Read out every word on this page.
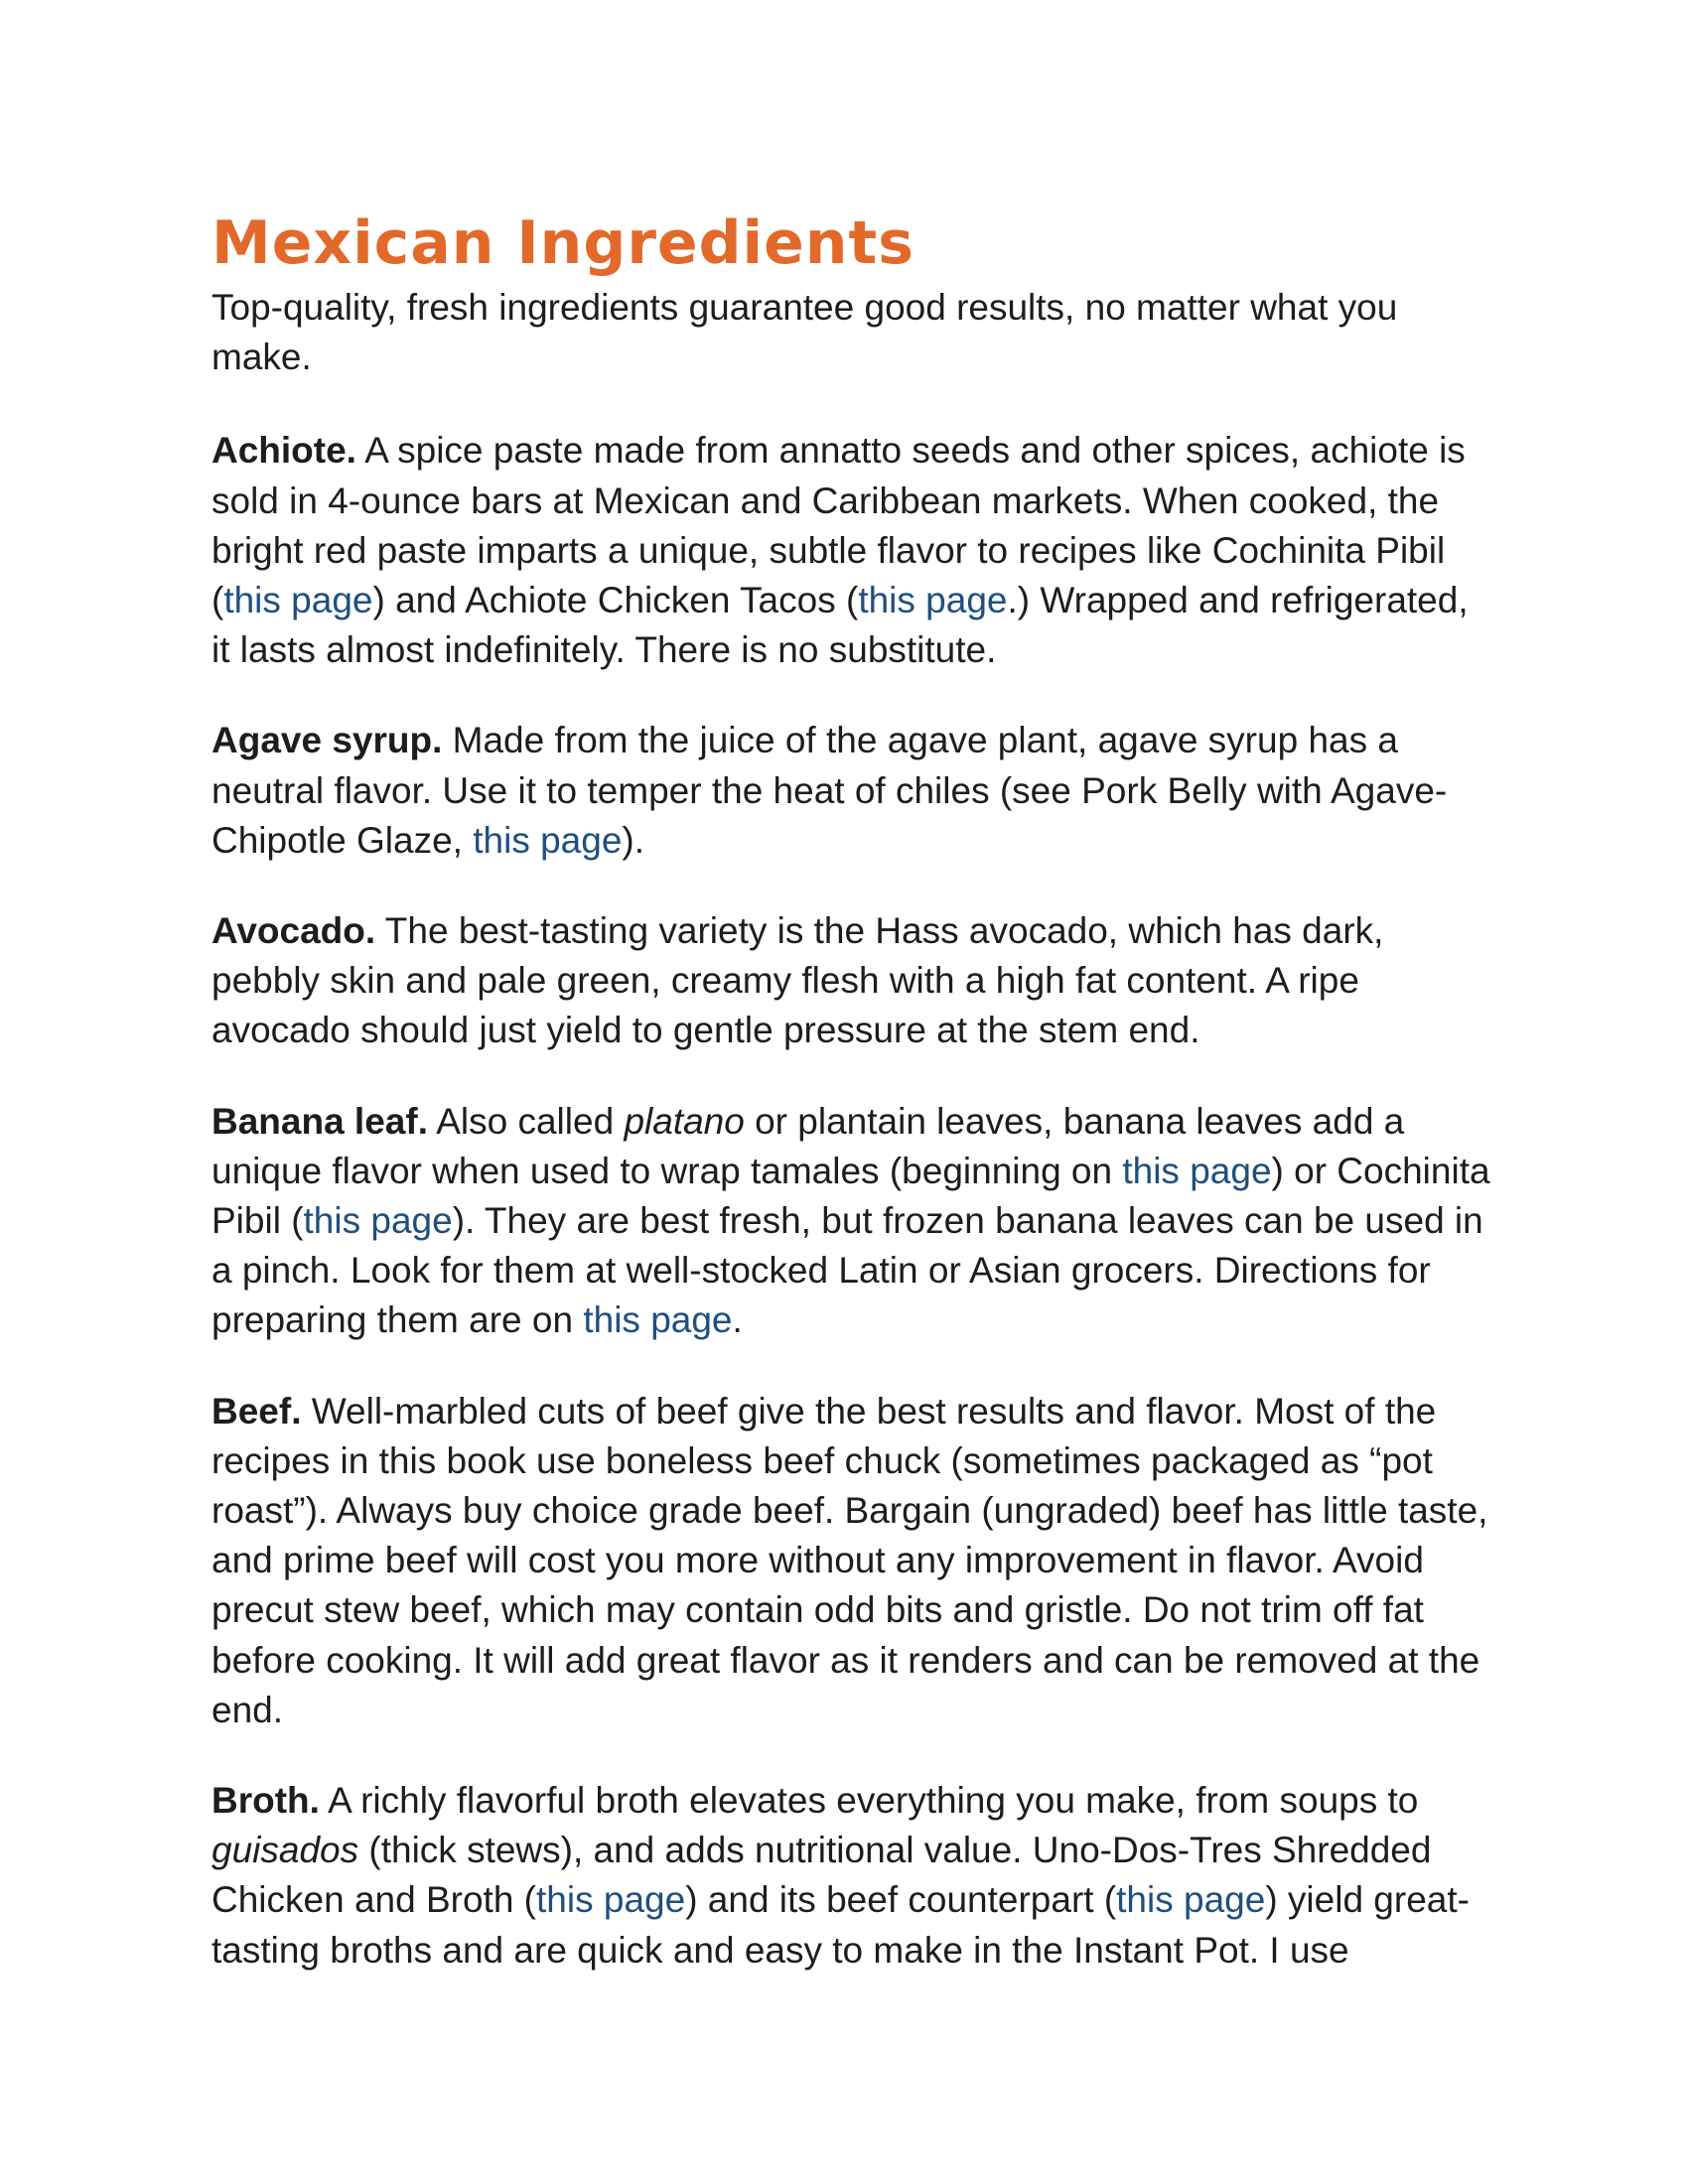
Mexican Ingredients

Top-quality, fresh ingredients guarantee good results, no matter what you make.

Achiote. A spice paste made from annatto seeds and other spices, achiote is sold in 4-ounce bars at Mexican and Caribbean markets. When cooked, the bright red paste imparts a unique, subtle flavor to recipes like Cochinita Pibil (this page) and Achiote Chicken Tacos (this page.) Wrapped and refrigerated, it lasts almost indefinitely. There is no substitute.

Agave syrup. Made from the juice of the agave plant, agave syrup has a neutral flavor. Use it to temper the heat of chiles (see Pork Belly with Agave-Chipotle Glaze, this page).

Avocado. The best-tasting variety is the Hass avocado, which has dark, pebbly skin and pale green, creamy flesh with a high fat content. A ripe avocado should just yield to gentle pressure at the stem end.

Banana leaf. Also called platano or plantain leaves, banana leaves add a unique flavor when used to wrap tamales (beginning on this page) or Cochinita Pibil (this page). They are best fresh, but frozen banana leaves can be used in a pinch. Look for them at well-stocked Latin or Asian grocers. Directions for preparing them are on this page.

Beef. Well-marbled cuts of beef give the best results and flavor. Most of the recipes in this book use boneless beef chuck (sometimes packaged as “pot roast”). Always buy choice grade beef. Bargain (ungraded) beef has little taste, and prime beef will cost you more without any improvement in flavor. Avoid precut stew beef, which may contain odd bits and gristle. Do not trim off fat before cooking. It will add great flavor as it renders and can be removed at the end.

Broth. A richly flavorful broth elevates everything you make, from soups to guisados (thick stews), and adds nutritional value. Uno-Dos-Tres Shredded Chicken and Broth (this page) and its beef counterpart (this page) yield great-tasting broths and are quick and easy to make in the Instant Pot. I use
